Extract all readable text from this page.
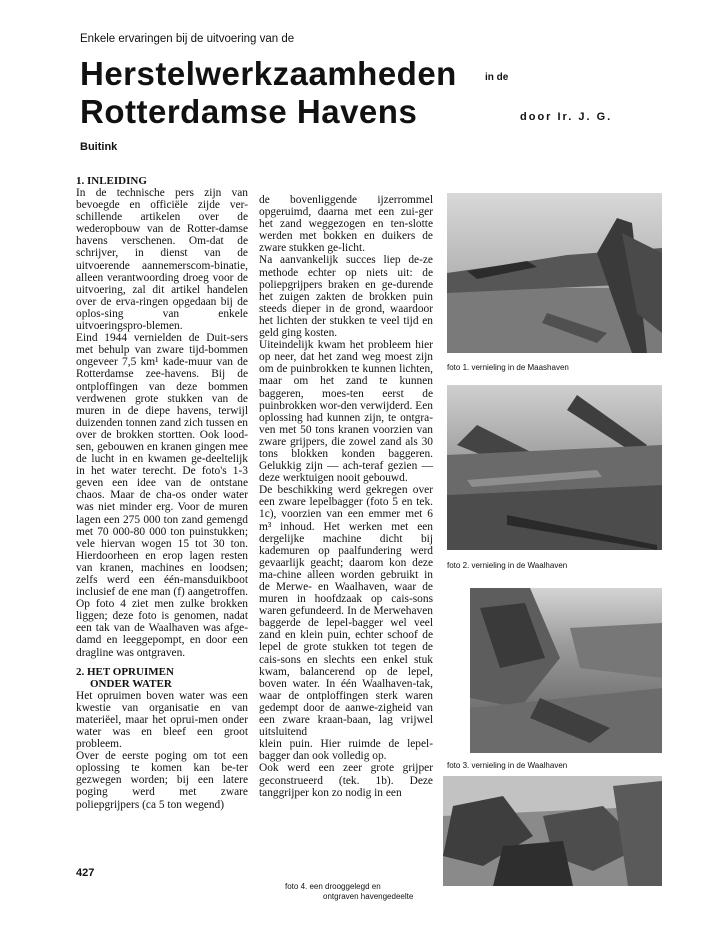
Enkele ervaringen bij de uitvoering van de
Herstelwerkzaamheden	in de
Rotterdamse Havens	door Ir. J. G.
Buitink
1. INLEIDING

In de technische pers zijn van bevoegde en officiële zijde ver-schillende artikelen over de wederopbouw van de Rotter-damse havens verschenen. Om-dat de schrijver, in dienst van de uitvoerende aannemerscom-binatie, alleen verantwoording droeg voor de uitvoering, zal dit artikel handelen over de erva-ringen opgedaan bij de oplos-sing van enkele uitvoeringspro-blemen.

Eind 1944 vernielden de Duit-sers met behulp van zware tijd-bommen ongeveer 7,5 km¹ kade-muur van de Rotterdamse zee-havens. Bij de ontploffingen van deze bommen verdwenen grote stukken van de muren in de diepe havens, terwijl duizenden tonnen zand zich tussen en over de brokken stortten. Ook lood-sen, gebouwen en kranen gingen mee de lucht in en kwamen ge-deeltelijk in het water terecht. De foto's 1-3 geven een idee van de ontstane chaos. Maar de cha-os onder water was niet minder erg. Voor de muren lagen een 275 000 ton zand gemengd met 70 000-80 000 ton puinstukken; vele hiervan wogen 15 tot 30 ton. Hierdoorheen en erop lagen resten van kranen, machines en loodsen; zelfs werd een één-mansduikboot inclusief de ene man (f) aangetroffen. Op foto 4 ziet men zulke brokken liggen; deze foto is genomen, nadat een tak van de Waalhaven was afge-damd en leeggepompt, en door een dragline was ontgraven.

2. HET OPRUIMEN
ONDER WATER

Het opruimen boven water was een kwestie van organisatie en van materiëel, maar het oprui-men onder water was en bleef een groot probleem.

Over de eerste poging om tot een oplossing te komen kan be-ter gezwegen worden; bij een latere poging werd met zware poliepgrijpers (ca 5 ton wegend)

de bovenliggende ijzerrommel opgeruimd, daarna met een zui-ger het zand weggezogen en ten-slotte werden met bokken en duikers de zware stukken ge-licht.

Na aanvankelijk succes liep de-ze methode echter op niets uit: de poliepgrijpers braken en ge-durende het zuigen zakten de brokken puin steeds dieper in de grond, waardoor het lichten der stukken te veel tijd en geld ging kosten.

Uiteindelijk kwam het probleem hier op neer, dat het zand weg moest zijn om de puinbrokken te kunnen lichten, maar om het zand te kunnen baggeren, moes-ten eerst de puinbrokken wor-den verwijderd. Een oplossing had kunnen zijn, te ontgra-ven met 50 tons kranen voorzien van zware grijpers, die zowel zand als 30 tons blokken konden baggeren. Gelukkig zijn — ach-teraf gezien — deze werktuigen nooit gebouwd.

De beschikking werd gekregen over een zware lepelbagger (foto 5 en tek. 1c), voorzien van een emmer met 6 m³ inhoud. Het werken met een dergelijke machine dicht bij kademuren op paalfundering werd gevaarlijk geacht; daarom kon deze ma-chine alleen worden gebruikt in de Merwe- en Waalhaven, waar de muren in hoofdzaak op cais-sons waren gefundeerd. In de Merwehaven baggerde de lepel-bagger wel veel zand en klein puin, echter schoof de lepel de grote stukken tot tegen de cais-sons en slechts een enkel stuk kwam, balancerend op de lepel, boven water. In één Waalhaven-tak, waar de ontploffingen sterk waren gedempt door de aanwe-zigheid van een zware kraan-baan, lag vrijwel uitsluitend

klein puin. Hier ruimde de lepel-bagger dan ook volledig op.

Ook werd een zeer grote grijper geconstrueerd (tek. 1b). Deze tanggrijper kon zo nodig in een

foto 1. vernieling in de Maashaven
foto 2. vernieling in de Waalhaven
foto 3. vernieling in de Waalhaven
427
foto 4. een drooggelegd en
ontgraven havengedeelte
